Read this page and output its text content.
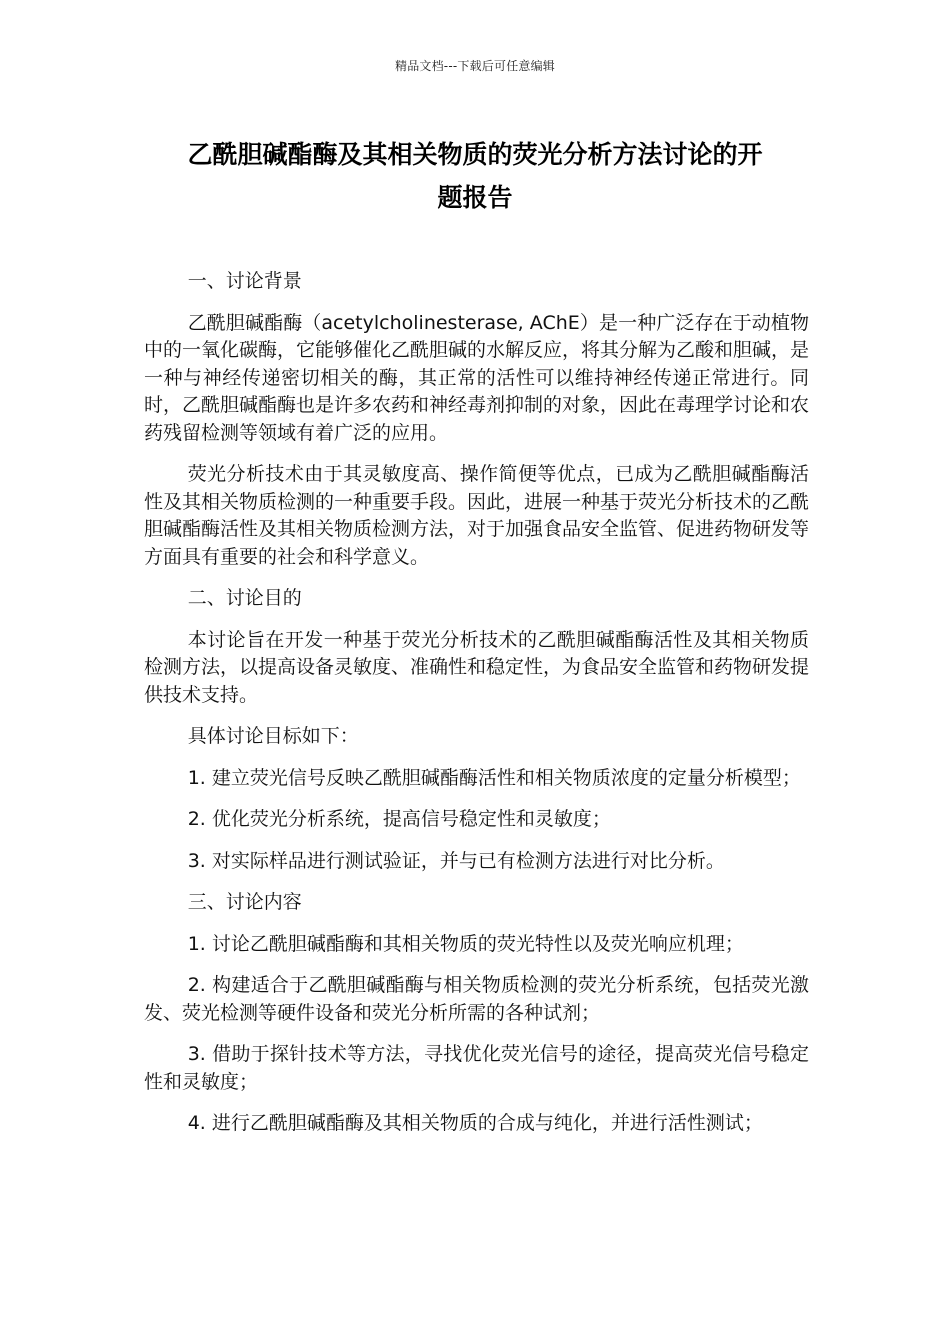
精品文档---下载后可任意编辑
乙酰胆碱酯酶及其相关物质的荧光分析方法讨论的开
题报告

一、讨论背景

乙酰胆碱酯酶（acetylcholinesterase, AChE）是一种广泛存在于动植物中的一氧化碳酶，它能够催化乙酰胆碱的水解反应，将其分解为乙酸和胆碱，是一种与神经传递密切相关的酶，其正常的活性可以维持神经传递正常进行。同时，乙酰胆碱酯酶也是许多农药和神经毒剂抑制的对象，因此在毒理学讨论和农药残留检测等领域有着广泛的应用。

荧光分析技术由于其灵敏度高、操作简便等优点，已成为乙酰胆碱酯酶活性及其相关物质检测的一种重要手段。因此，进展一种基于荧光分析技术的乙酰胆碱酯酶活性及其相关物质检测方法，对于加强食品安全监管、促进药物研发等方面具有重要的社会和科学意义。

二、讨论目的

本讨论旨在开发一种基于荧光分析技术的乙酰胆碱酯酶活性及其相关物质检测方法，以提高设备灵敏度、准确性和稳定性，为食品安全监管和药物研发提供技术支持。

具体讨论目标如下：

1. 建立荧光信号反映乙酰胆碱酯酶活性和相关物质浓度的定量分析模型；

2. 优化荧光分析系统，提高信号稳定性和灵敏度；

3. 对实际样品进行测试验证，并与已有检测方法进行对比分析。

三、讨论内容

1. 讨论乙酰胆碱酯酶和其相关物质的荧光特性以及荧光响应机理；

2. 构建适合于乙酰胆碱酯酶与相关物质检测的荧光分析系统，包括荧光激发、荧光检测等硬件设备和荧光分析所需的各种试剂；

3. 借助于探针技术等方法，寻找优化荧光信号的途径，提高荧光信号稳定性和灵敏度；

4. 进行乙酰胆碱酯酶及其相关物质的合成与纯化，并进行活性测试；
